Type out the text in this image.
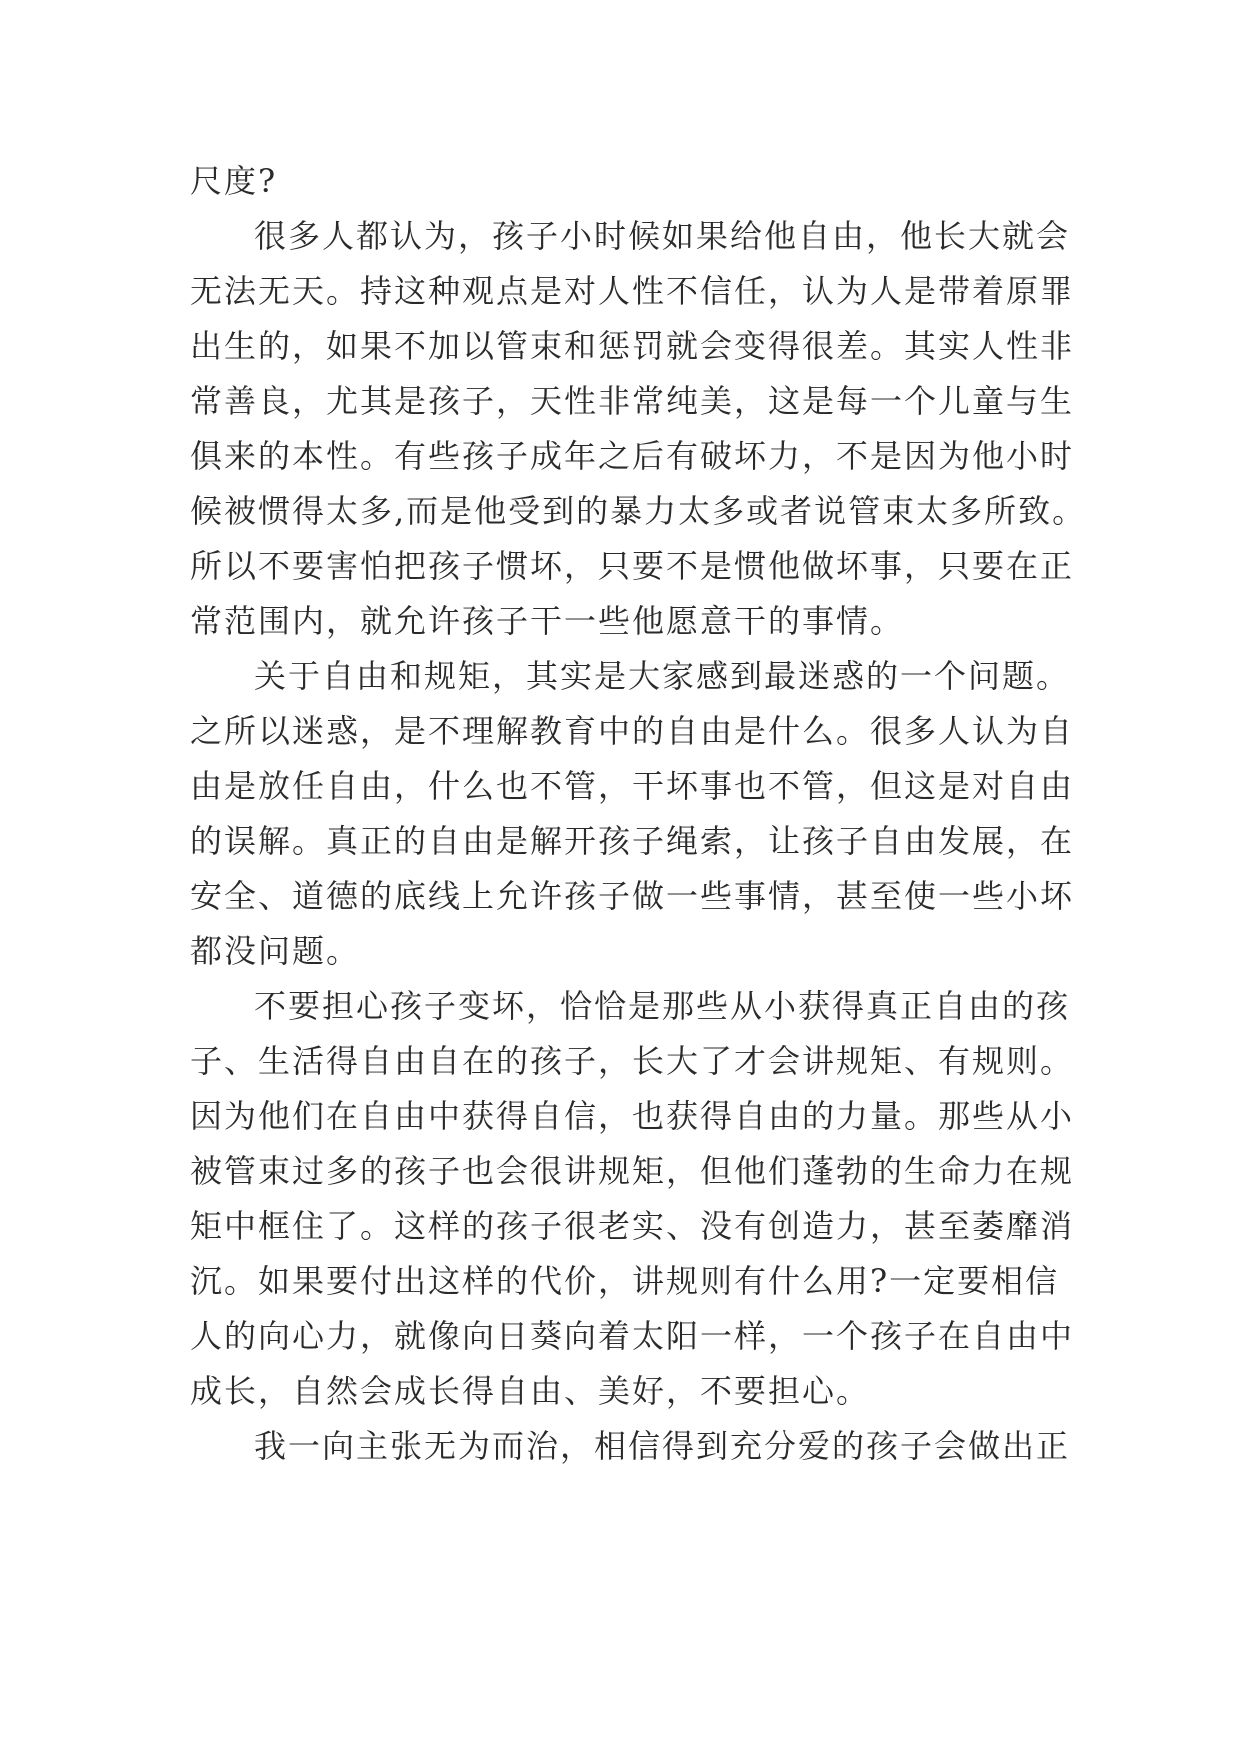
尺度?
很多人都认为，孩子小时候如果给他自由，他长大就会
无法无天。持这种观点是对人性不信任，认为人是带着原罪
出生的，如果不加以管束和惩罚就会变得很差。其实人性非
常善良，尤其是孩子，天性非常纯美，这是每一个儿童与生
俱来的本性。有些孩子成年之后有破坏力，不是因为他小时
候被惯得太多,而是他受到的暴力太多或者说管束太多所致。
所以不要害怕把孩子惯坏，只要不是惯他做坏事，只要在正
常范围内，就允许孩子干一些他愿意干的事情。
关于自由和规矩，其实是大家感到最迷惑的一个问题。
之所以迷惑，是不理解教育中的自由是什么。很多人认为自
由是放任自由，什么也不管，干坏事也不管，但这是对自由
的误解。真正的自由是解开孩子绳索，让孩子自由发展，在
安全、道德的底线上允许孩子做一些事情，甚至使一些小坏
都没问题。
不要担心孩子变坏，恰恰是那些从小获得真正自由的孩
子、生活得自由自在的孩子，长大了才会讲规矩、有规则。
因为他们在自由中获得自信，也获得自由的力量。那些从小
被管束过多的孩子也会很讲规矩，但他们蓬勃的生命力在规
矩中框住了。这样的孩子很老实、没有创造力，甚至萎靡消
沉。如果要付出这样的代价，讲规则有什么用?一定要相信
人的向心力，就像向日葵向着太阳一样，一个孩子在自由中
成长，自然会成长得自由、美好，不要担心。
我一向主张无为而治，相信得到充分爱的孩子会做出正
